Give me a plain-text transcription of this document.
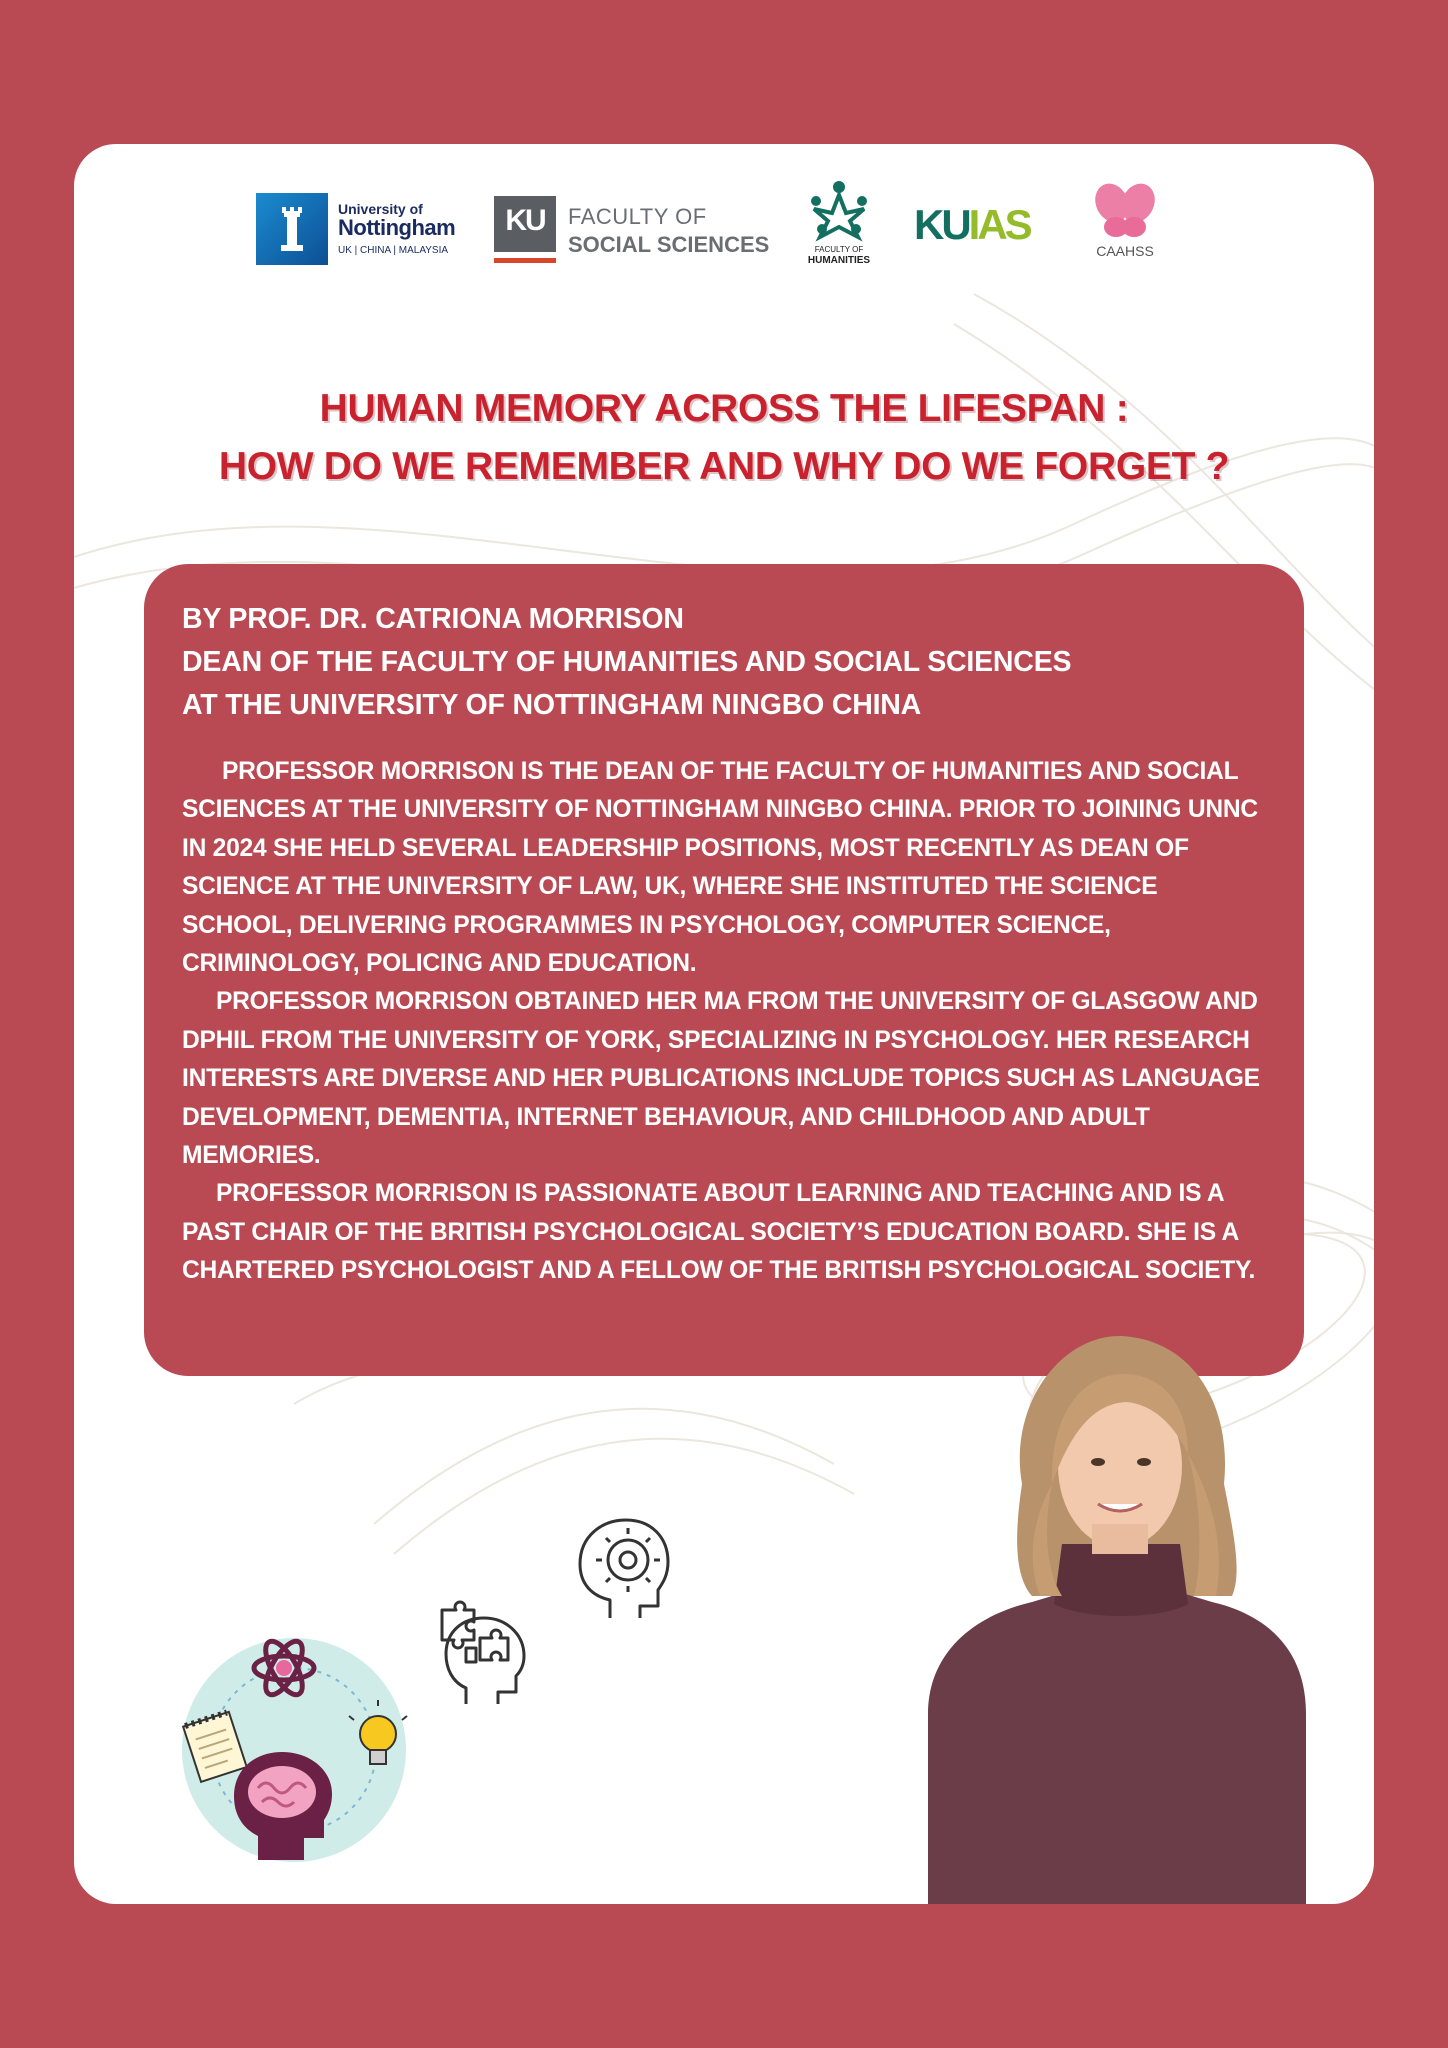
University of
Nottingham
UK | CHINA | MALAYSIA
KU	FACULTY OF
SOCIAL SCIENCES	FACULTY OF
HUMANITIES
KUIAS
CAAHSS
HUMAN MEMORY ACROSS THE LIFESPAN :
HOW DO WE REMEMBER AND WHY DO WE FORGET ?
BY PROF. DR. CATRIONA MORRISON
DEAN OF THE FACULTY OF HUMANITIES AND SOCIAL SCIENCES
AT THE UNIVERSITY OF NOTTINGHAM NINGBO CHINA

PROFESSOR MORRISON IS THE DEAN OF THE FACULTY OF HUMANITIES AND SOCIAL SCIENCES AT THE UNIVERSITY OF NOTTINGHAM NINGBO CHINA. PRIOR TO JOINING UNNC IN 2024 SHE HELD SEVERAL LEADERSHIP POSITIONS, MOST RECENTLY AS DEAN OF SCIENCE AT THE UNIVERSITY OF LAW, UK, WHERE SHE INSTITUTED THE SCIENCE SCHOOL, DELIVERING PROGRAMMES IN PSYCHOLOGY, COMPUTER SCIENCE, CRIMINOLOGY, POLICING AND EDUCATION.

PROFESSOR MORRISON OBTAINED HER MA FROM THE UNIVERSITY OF GLASGOW AND DPHIL FROM THE UNIVERSITY OF YORK, SPECIALIZING IN PSYCHOLOGY. HER RESEARCH INTERESTS ARE DIVERSE AND HER PUBLICATIONS INCLUDE TOPICS SUCH AS LANGUAGE DEVELOPMENT, DEMENTIA, INTERNET BEHAVIOUR, AND CHILDHOOD AND ADULT MEMORIES.

PROFESSOR MORRISON IS PASSIONATE ABOUT LEARNING AND TEACHING AND IS A PAST CHAIR OF THE BRITISH PSYCHOLOGICAL SOCIETY’S EDUCATION BOARD. SHE IS A CHARTERED PSYCHOLOGIST AND A FELLOW OF THE BRITISH PSYCHOLOGICAL SOCIETY.
